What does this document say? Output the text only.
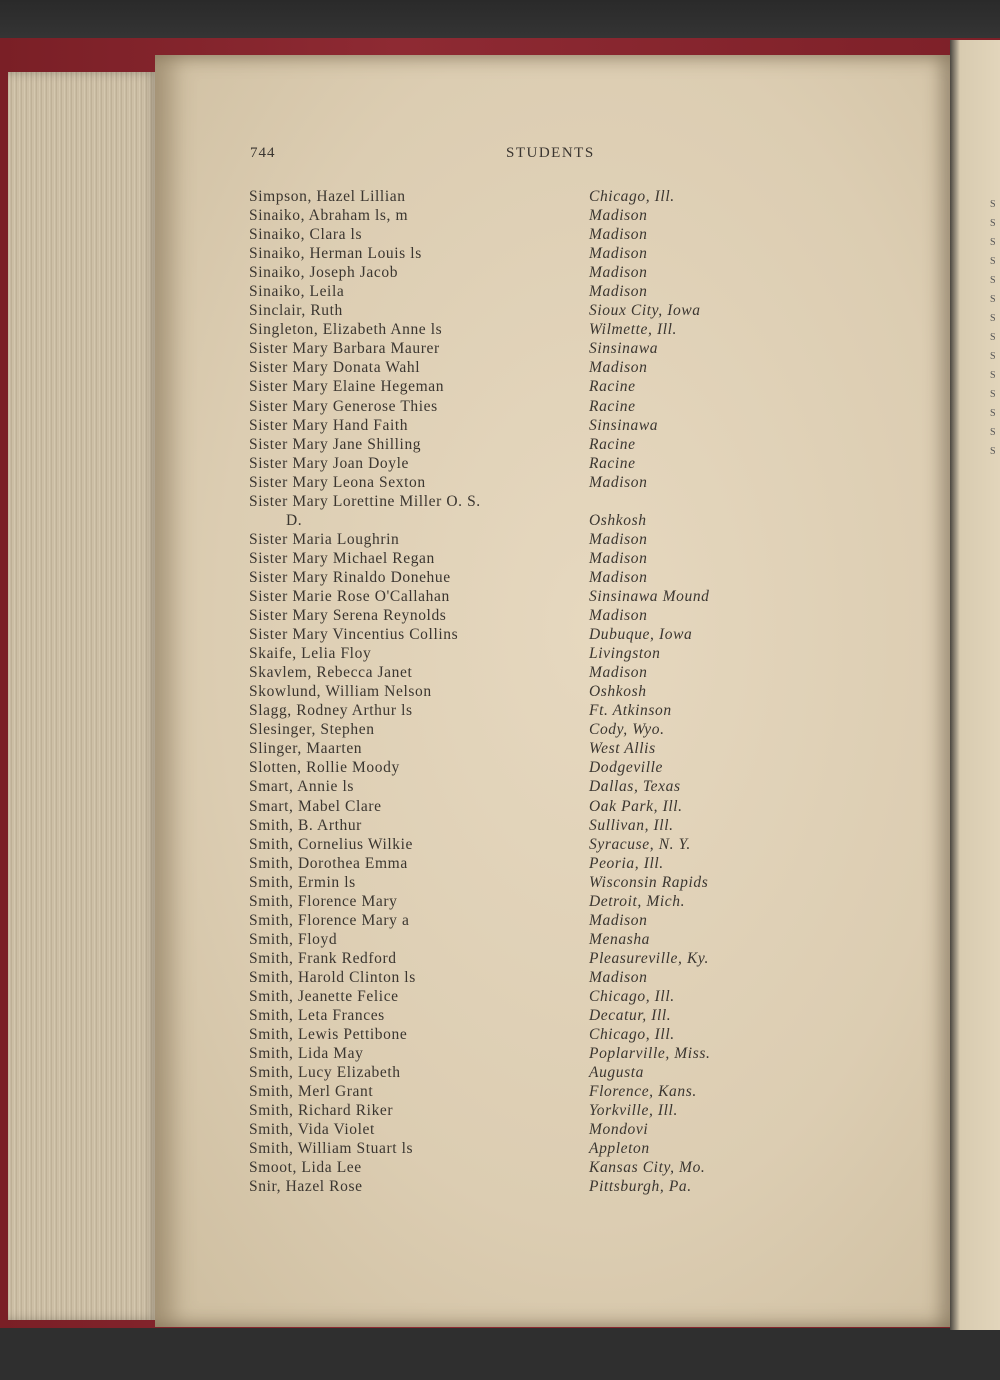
S
S
S
S
S
S
S
S
S
S
S
S
S
S
744	STUDENTS
Simpson, Hazel Lillian	Chicago, Ill.
Sinaiko, Abraham ls, m	Madison
Sinaiko, Clara ls	Madison
Sinaiko, Herman Louis ls	Madison
Sinaiko, Joseph Jacob	Madison
Sinaiko, Leila	Madison
Sinclair, Ruth	Sioux City, Iowa
Singleton, Elizabeth Anne ls	Wilmette, Ill.
Sister Mary Barbara Maurer	Sinsinawa
Sister Mary Donata Wahl	Madison
Sister Mary Elaine Hegeman	Racine
Sister Mary Generose Thies	Racine
Sister Mary Hand Faith	Sinsinawa
Sister Mary Jane Shilling	Racine
Sister Mary Joan Doyle	Racine
Sister Mary Leona Sexton	Madison
Sister Mary Lorettine Miller O. S.
D.	Oshkosh
Sister Maria Loughrin	Madison
Sister Mary Michael Regan	Madison
Sister Mary Rinaldo Donehue	Madison
Sister Marie Rose O'Callahan	Sinsinawa Mound
Sister Mary Serena Reynolds	Madison
Sister Mary Vincentius Collins	Dubuque, Iowa
Skaife, Lelia Floy	Livingston
Skavlem, Rebecca Janet	Madison
Skowlund, William Nelson	Oshkosh
Slagg, Rodney Arthur ls	Ft. Atkinson
Slesinger, Stephen	Cody, Wyo.
Slinger, Maarten	West Allis
Slotten, Rollie Moody	Dodgeville
Smart, Annie ls	Dallas, Texas
Smart, Mabel Clare	Oak Park, Ill.
Smith, B. Arthur	Sullivan, Ill.
Smith, Cornelius Wilkie	Syracuse, N. Y.
Smith, Dorothea Emma	Peoria, Ill.
Smith, Ermin ls	Wisconsin Rapids
Smith, Florence Mary	Detroit, Mich.
Smith, Florence Mary a	Madison
Smith, Floyd	Menasha
Smith, Frank Redford	Pleasureville, Ky.
Smith, Harold Clinton ls	Madison
Smith, Jeanette Felice	Chicago, Ill.
Smith, Leta Frances	Decatur, Ill.
Smith, Lewis Pettibone	Chicago, Ill.
Smith, Lida May	Poplarville, Miss.
Smith, Lucy Elizabeth	Augusta
Smith, Merl Grant	Florence, Kans.
Smith, Richard Riker	Yorkville, Ill.
Smith, Vida Violet	Mondovi
Smith, William Stuart ls	Appleton
Smoot, Lida Lee	Kansas City, Mo.
Snir, Hazel Rose	Pittsburgh, Pa.
